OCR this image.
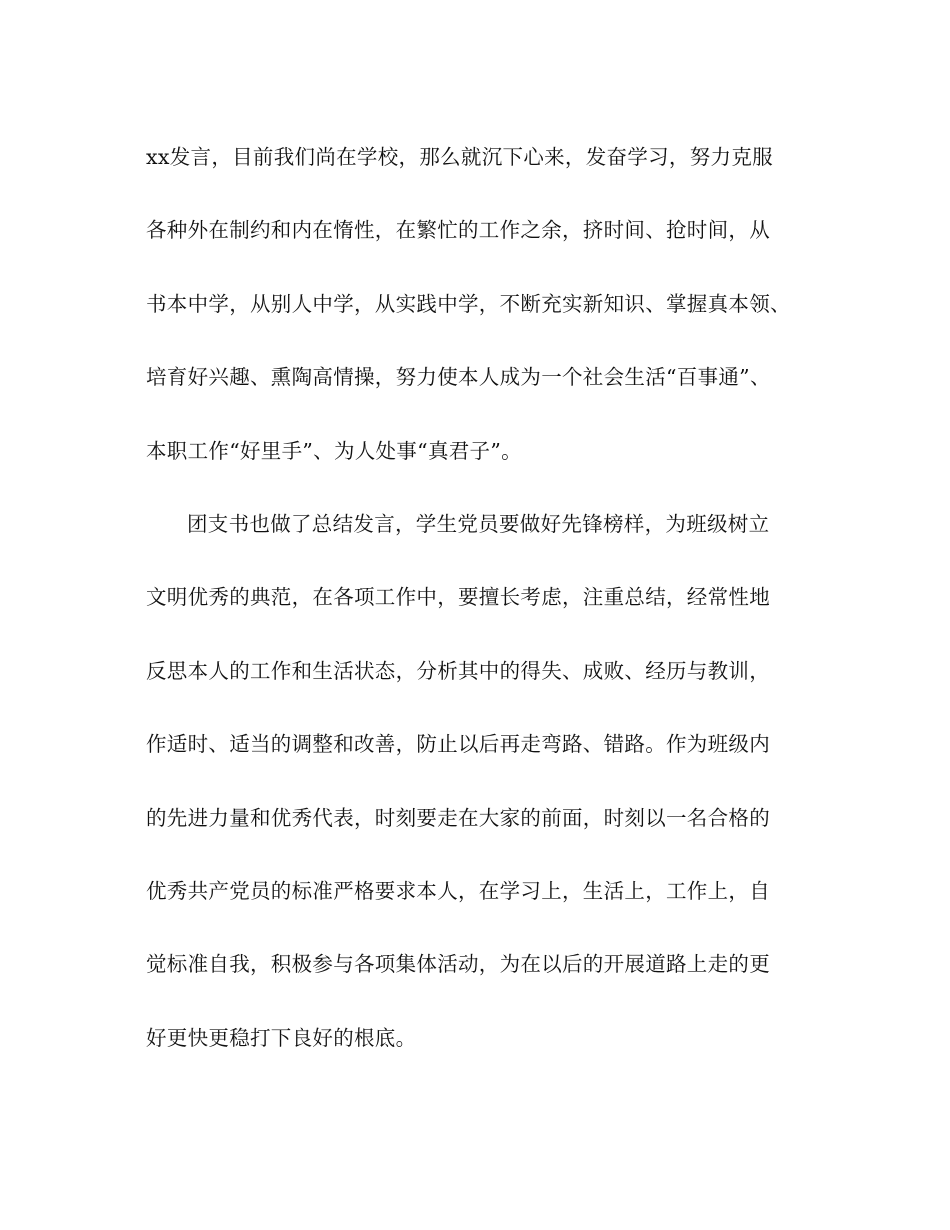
xx发言，目前我们尚在学校，那么就沉下心来，发奋学习，努力克服
各种外在制约和内在惰性，在繁忙的工作之余，挤时间、抢时间，从
书本中学，从别人中学，从实践中学，不断充实新知识、掌握真本领、
培育好兴趣、熏陶高情操，努力使本人成为一个社会生活“百事通”、
本职工作“好里手”、为人处事“真君子”。
团支书也做了总结发言，学生党员要做好先锋榜样，为班级树立
文明优秀的典范，在各项工作中，要擅长考虑，注重总结，经常性地
反思本人的工作和生活状态，分析其中的得失、成败、经历与教训，
作适时、适当的调整和改善，防止以后再走弯路、错路。作为班级内
的先进力量和优秀代表，时刻要走在大家的前面，时刻以一名合格的
优秀共产党员的标准严格要求本人，在学习上，生活上，工作上，自
觉标准自我，积极参与各项集体活动，为在以后的开展道路上走的更
好更快更稳打下良好的根底。
